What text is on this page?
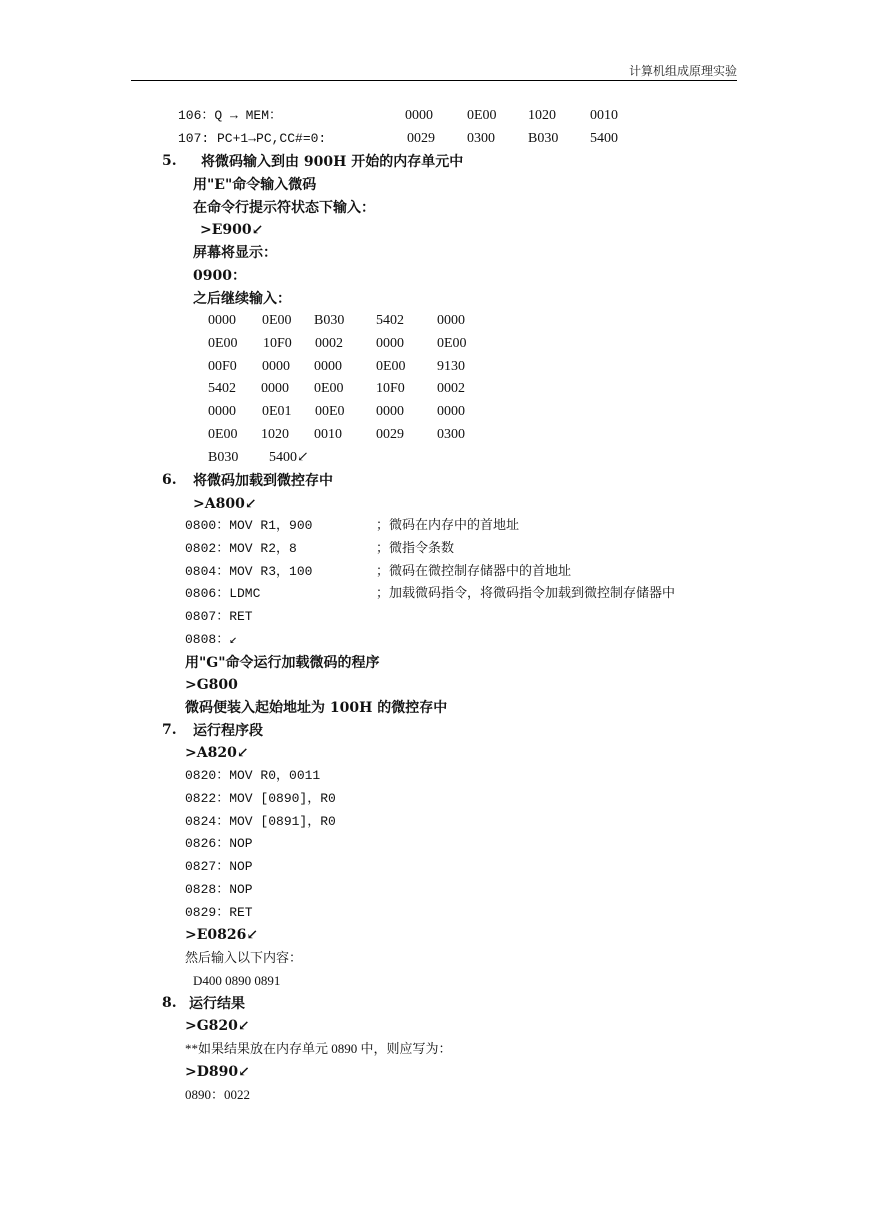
计算机组成原理实验
106：Q → MEM：	0000 0E00 1020 0010
107: PC+1→PC,CC#=0:	0029 0300 B030 5400
5. 将微码输入到由 900H 开始的内存单元中
用"E"命令输入微码
在命令行提示符状态下输入：
>E900↙
屏幕将显示：
0900：
之后继续输入：
0000 0E00 B030 5402 0000
0E00 10F0 0002 0000 0E00
00F0 0000 0000 0E00 9130
5402 0000 0E00 10F0 0002
0000 0E01 00E0 0000 0000
0E00 1020 0010 0029 0300
B030 5400↙
6. 将微码加载到微控存中
>A800↙
0800：MOV R1，900	；微码在内存中的首地址
0802：MOV R2，8	；微指令条数
0804：MOV R3，100	；微码在微控制存储器中的首地址
0806：LDMC	；加载微码指令，将微码指令加载到微控制存储器中
0807：RET
0808：↙
用"G"命令运行加载微码的程序
>G800
微码便装入起始地址为 100H 的微控存中
7. 运行程序段
>A820↙
0820：MOV R0，0011
0822：MOV [0890]，R0
0824：MOV [0891]，R0
0826：NOP
0827：NOP
0828：NOP
0829：RET
>E0826↙
然后输入以下内容：
D400 0890 0891
8. 运行结果
>G820↙
**如果结果放在内存单元 0890 中，则应写为：
>D890↙
0890：0022
